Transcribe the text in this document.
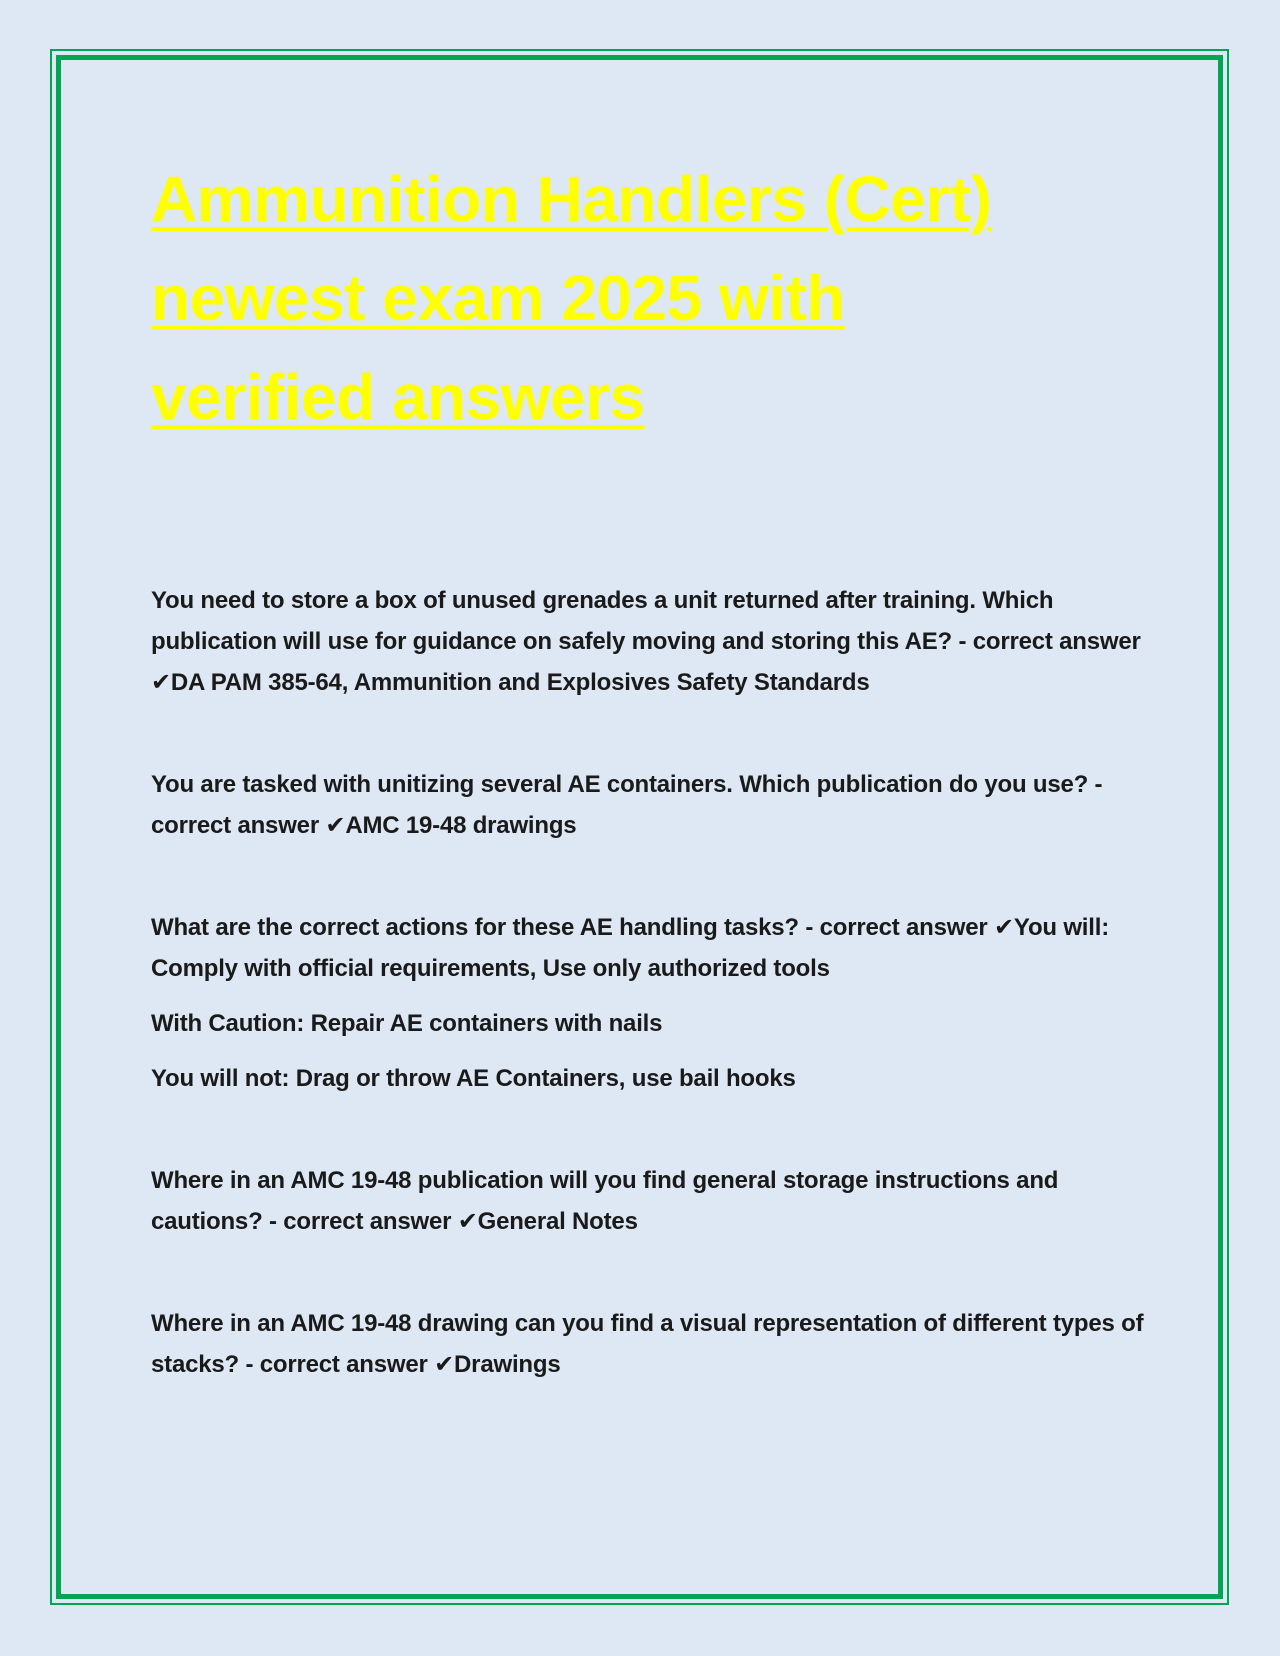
Ammunition Handlers (Cert) newest exam 2025 with verified answers

You need to store a box of unused grenades a unit returned after training. Which publication will use for guidance on safely moving and storing this AE? - correct answer ✔DA PAM 385-64, Ammunition and Explosives Safety Standards

You are tasked with unitizing several AE containers. Which publication do you use? - correct answer ✔AMC 19-48 drawings

What are the correct actions for these AE handling tasks? - correct answer ✔You will: Comply with official requirements, Use only authorized tools

With Caution: Repair AE containers with nails

You will not: Drag or throw AE Containers, use bail hooks

Where in an AMC 19-48 publication will you find general storage instructions and cautions? - correct answer ✔General Notes

Where in an AMC 19-48 drawing can you find a visual representation of different types of stacks? - correct answer ✔Drawings
